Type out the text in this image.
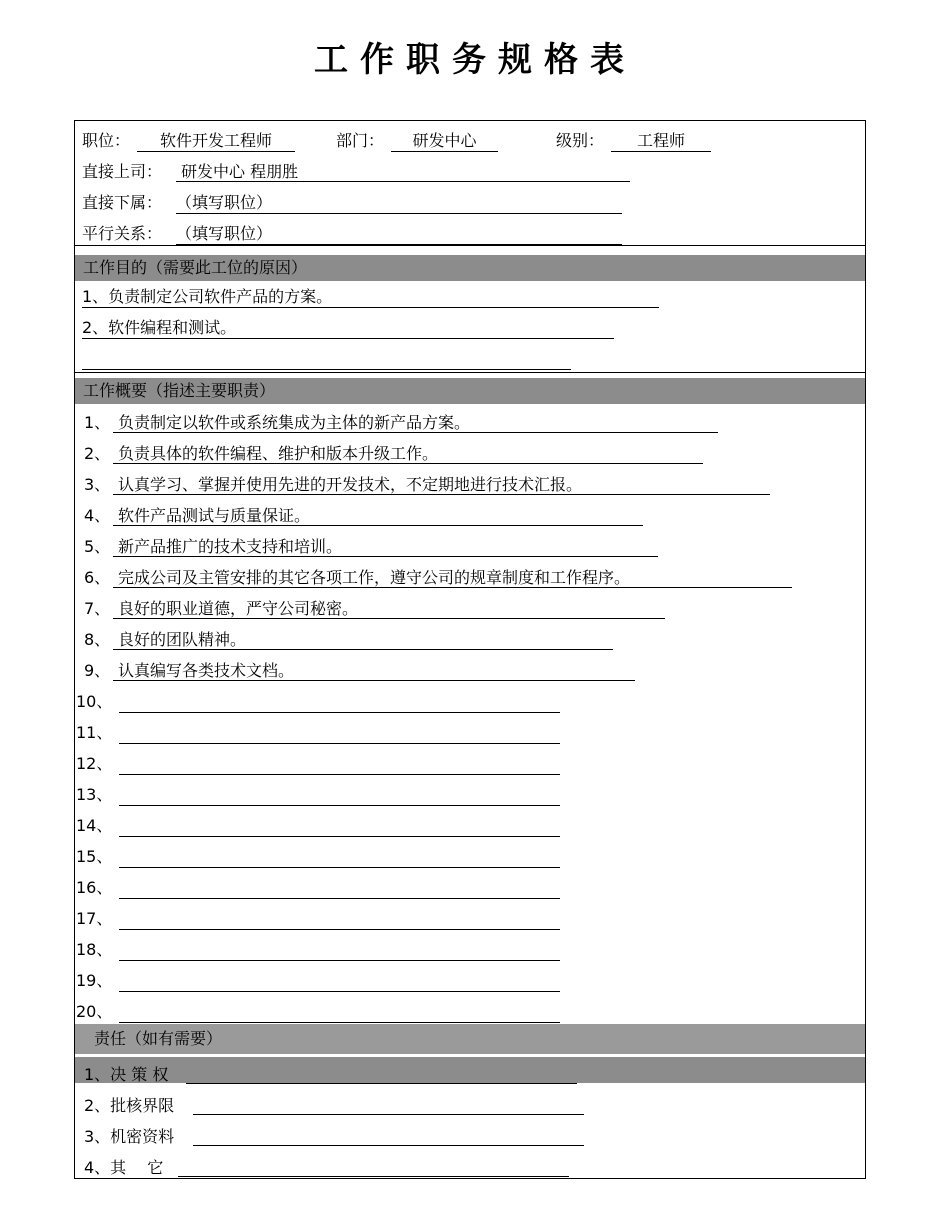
工作职务规格表
职位：	软件开发工程师	部门：	研发中心	级别：	工程师
直接上司：	研发中心 程朋胜
直接下属： （填写职位）
平行关系： （填写职位）
工作目的（需要此工位的原因）
1、负责制定公司软件产品的方案。
2、软件编程和测试。
工作概要（指述主要职责）
1、 负责制定以软件或系统集成为主体的新产品方案。
2、 负责具体的软件编程、维护和版本升级工作。
3、 认真学习、掌握并使用先进的开发技术，不定期地进行技术汇报。
4、 软件产品测试与质量保证。
5、 新产品推广的技术支持和培训。
6、 完成公司及主管安排的其它各项工作，遵守公司的规章制度和工作程序。
7、 良好的职业道德，严守公司秘密。
8、 良好的团队精神。
9、 认真编写各类技术文档。
10、
11、
12、
13、
14、
15、
16、
17、
18、
19、
20、
责任（如有需要）
1、决 策 权
2、批核界限
3、机密资料
4、其　 它
